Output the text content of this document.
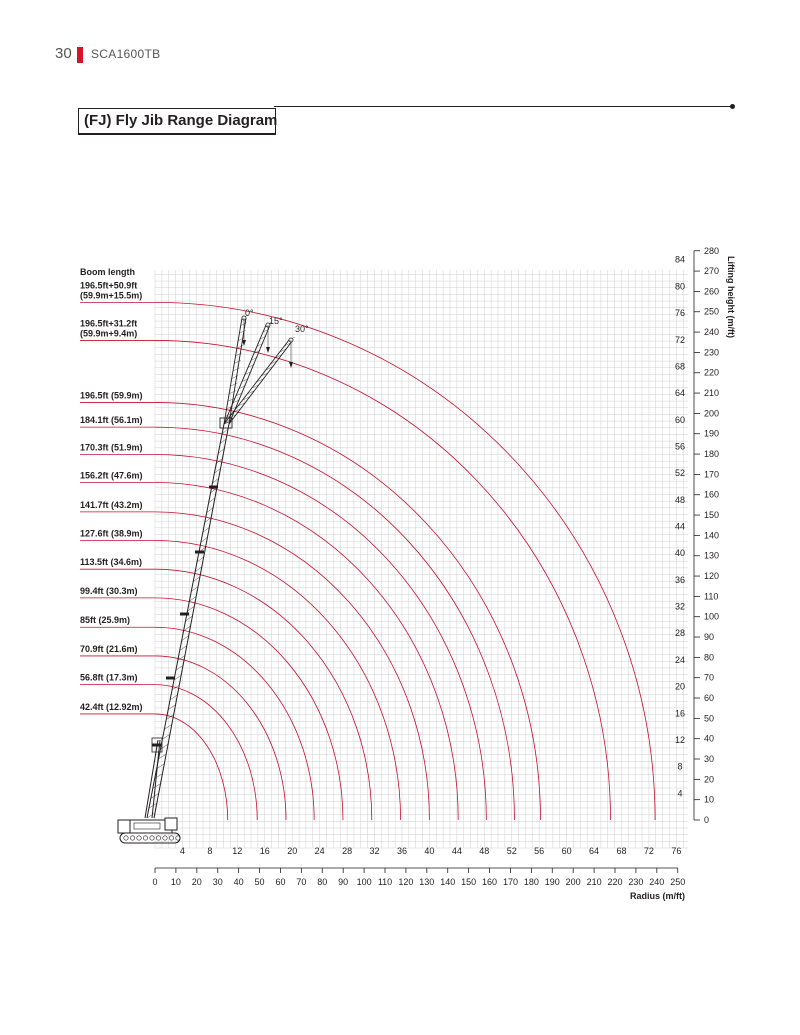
30 SCA1600TB
(FJ) Fly Jib Range Diagram
196.5ft+50.9ft
(59.9m+15.5m)
196.5ft+31.2ft
(59.9m+9.4m)
196.5ft (59.9m)
184.1ft (56.1m)
170.3ft (51.9m)
156.2ft (47.6m)
141.7ft (43.2m)
127.6ft (38.9m)
113.5ft (34.6m)
99.4ft (30.3m)
85ft (25.9m)
70.9ft (21.6m)
56.8ft (17.3m)
42.4ft (12.92m)
4 8 12 16 20 24 28 32 36 40 44 48 52 56 60 64 68 72 76
0 10 20 30 40 50 60 70 80 90 100 110 120 130 140 150 160 170 180 190 200 210 220 230 240 250
4
8
12
16
20
24
28
32
36
40
44
48
52
56
60
64
68
72
76
80
84
0
10
20
30
40
50
60
70
80
90
100
110
120
130
140
150
160
170
180
190
200
210
220
230
240
250
260
270
280
Boom length	Lifting height (m/ft)
Radius (m/ft)
0°
15°
30°
